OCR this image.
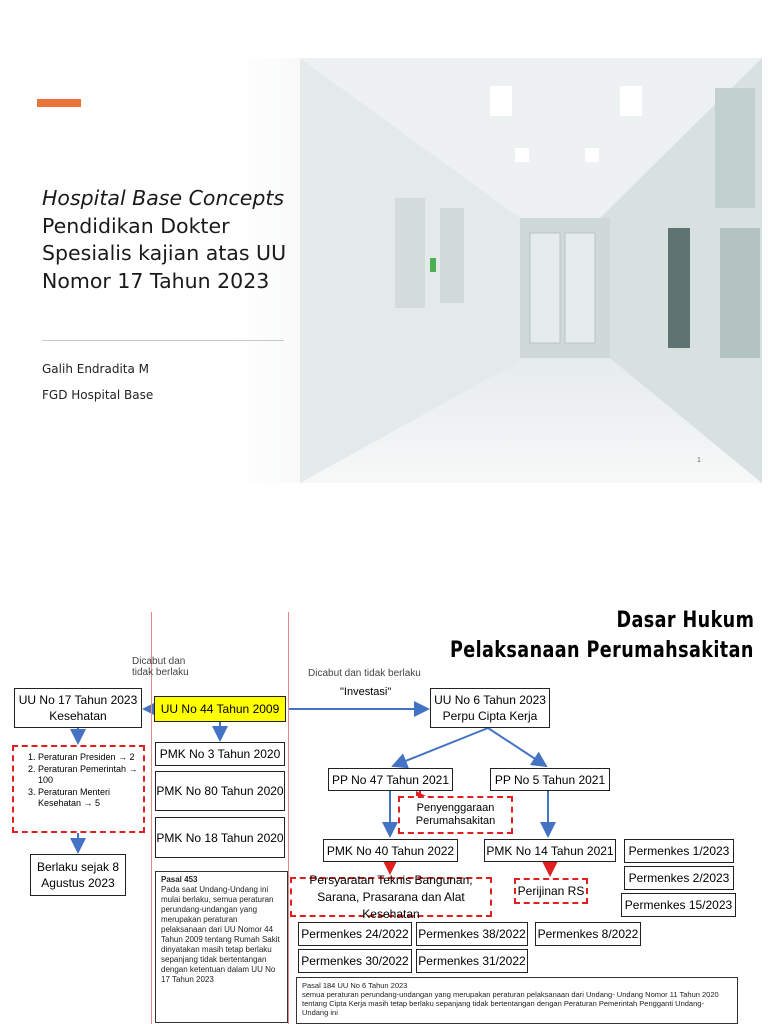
Hospital Base Concepts Pendidikan Dokter Spesialis kajian atas UU Nomor 17 Tahun 2023
Galih Endradita M
FGD Hospital Base
1
Dasar Hukum
Pelaksanaan Perumahsakitan
Dicabut dan tidak berlaku	Dicabut dan tidak berlaku
"Investasi"
UU No 17 Tahun 2023 Kesehatan
1. Peraturan Presiden → 2
2. Peraturan Pemerintah → 100
3. Peraturan Menteri Kesehatan → 5
Berlaku sejak 8 Agustus 2023
UU No 44 Tahun 2009
PMK No 3 Tahun 2020
PMK No 80 Tahun 2020
PMK No 18 Tahun 2020
Pasal 453
Pada saat Undang-Undang ini mulai berlaku, semua peraturan perundang-undangan yang merupakan peraturan pelaksanaan dari UU Nomor 44 Tahun 2009 tentang Rumah Sakit dinyatakan masih tetap berlaku sepanjang tidak bertentangan dengan ketentuan dalam UU No 17 Tahun 2023
UU No 6 Tahun 2023 Perpu Cipta Kerja
PP No 47 Tahun 2021	PP No 5 Tahun 2021
Penyenggaraan Perumahsakitan
PMK No 40 Tahun 2022	PMK No 14 Tahun 2021
Persyaratan Teknis Bangunan, Sarana, Prasarana dan Alat Kesehatan
Perijinan RS
Permenkes 1/2023
Permenkes 2/2023
Permenkes 15/2023
Permenkes 24/2022 Permenkes 38/2022 Permenkes 8/2022
Permenkes 30/2022 Permenkes 31/2022
Pasal 184 UU No 6 Tahun 2023
semua peraturan perundang-undangan yang merupakan peraturan pelaksanaan dari Undang- Undang Nomor 11 Tahun 2020 tentang Cipta Kerja masih tetap berlaku sepanjang tidak bertentangan dengan Peraturan Pemerintah Pengganti Undang- Undang ini
